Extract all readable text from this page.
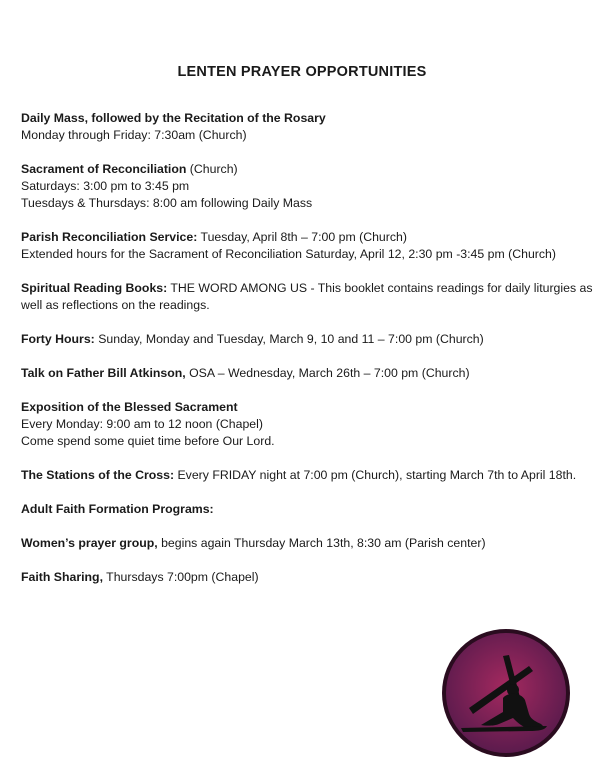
LENTEN PRAYER OPPORTUNITIES

Daily Mass, followed by the Recitation of the Rosary

Monday through Friday: 7:30am (Church)

Sacrament of Reconciliation (Church)

Saturdays: 3:00 pm to 3:45 pm

Tuesdays & Thursdays: 8:00 am following Daily Mass

Parish Reconciliation Service: Tuesday, April 8th – 7:00 pm (Church)

Extended hours for the Sacrament of Reconciliation Saturday, April 12, 2:30 pm -3:45 pm (Church)

Spiritual Reading Books: THE WORD AMONG US - This booklet contains readings for daily liturgies as well as reflections on the readings.

Forty Hours: Sunday, Monday and Tuesday, March 9, 10 and 11 – 7:00 pm (Church)

Talk on Father Bill Atkinson, OSA – Wednesday, March 26th – 7:00 pm (Church)

Exposition of the Blessed Sacrament

Every Monday: 9:00 am to 12 noon (Chapel)

Come spend some quiet time before Our Lord.

The Stations of the Cross: Every FRIDAY night at 7:00 pm (Church), starting March 7th to April 18th.

Adult Faith Formation Programs:

Women’s prayer group, begins again Thursday March 13th, 8:30 am (Parish center)

Faith Sharing, Thursdays 7:00pm (Chapel)
